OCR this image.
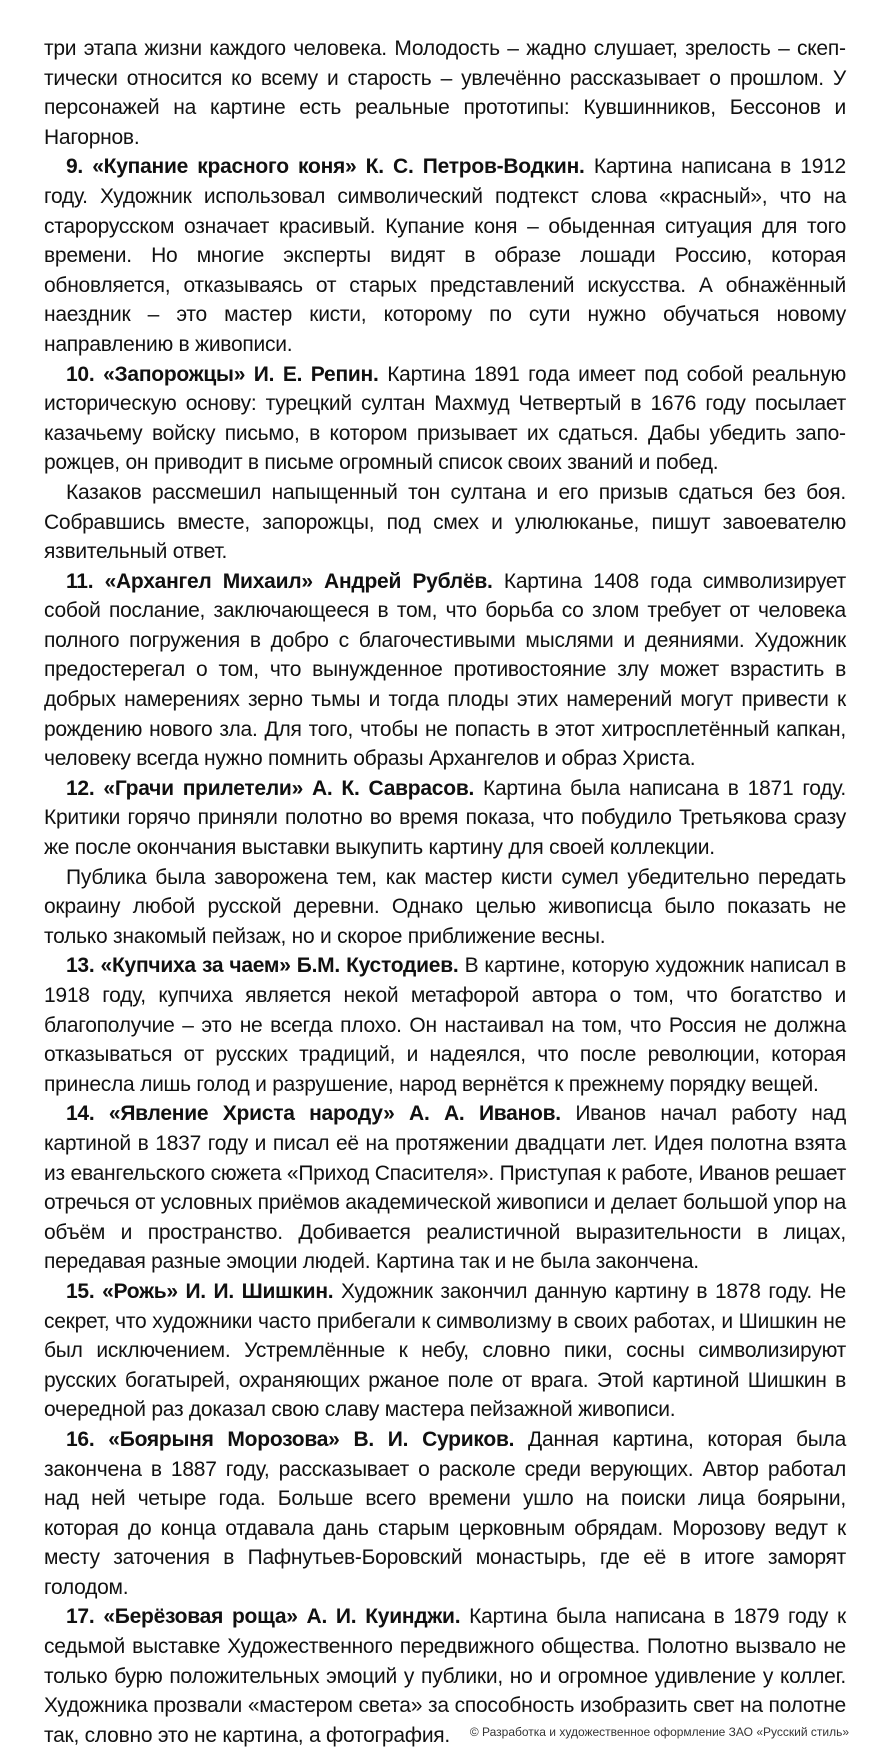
три этапа жизни каждого человека. Молодость – жадно слушает, зрелость – скептически относится ко всему и старость – увлечённо рассказывает о прошлом. У персонажей на картине есть реальные прототипы: Кувшинников, Бессонов и Нагорнов.

9. «Купание красного коня» К. С. Петров-Водкин. Картина написана в 1912 году. Художник использовал символический подтекст слова «красный», что на старорусском означает красивый. Купание коня – обыденная ситуация для того времени. Но многие эксперты видят в образе лошади Россию, которая обновляется, отказываясь от старых представлений искусства. А обнажённый наездник – это мастер кисти, которому по сути нужно обучаться новому направлению в живописи.

10. «Запорожцы» И. Е. Репин. Картина 1891 года имеет под собой реальную историческую основу: турецкий султан Махмуд Четвертый в 1676 году посылает казачьему войску письмо, в котором призывает их сдаться. Дабы убедить запорожцев, он приводит в письме огромный список своих званий и побед.

Казаков рассмешил напыщенный тон султана и его призыв сдаться без боя. Собравшись вместе, запорожцы, под смех и улюлюканье, пишут завоевателю язвительный ответ.

11. «Архангел Михаил» Андрей Рублёв. Картина 1408 года символизирует собой послание, заключающееся в том, что борьба со злом требует от человека полного погружения в добро с благочестивыми мыслями и деяниями. Художник предостерегал о том, что вынужденное противостояние злу может взрастить в добрых намерениях зерно тьмы и тогда плоды этих намерений могут привести к рождению нового зла. Для того, чтобы не попасть в этот хитросплетённый капкан, человеку всегда нужно помнить образы Архангелов и образ Христа.

12. «Грачи прилетели» А. К. Саврасов. Картина была написана в 1871 году. Критики горячо приняли полотно во время показа, что побудило Третьякова сразу же после окончания выставки выкупить картину для своей коллекции.

Публика была заворожена тем, как мастер кисти сумел убедительно передать окраину любой русской деревни. Однако целью живописца было показать не только знакомый пейзаж, но и скорое приближение весны.

13. «Купчиха за чаем» Б.М. Кустодиев. В картине, которую художник написал в 1918 году, купчиха является некой метафорой автора о том, что богатство и благополучие – это не всегда плохо. Он настаивал на том, что Россия не должна отказываться от русских традиций, и надеялся, что после революции, которая принесла лишь голод и разрушение, народ вернётся к прежнему порядку вещей.

14. «Явление Христа народу» А. А. Иванов. Иванов начал работу над картиной в 1837 году и писал её на протяжении двадцати лет. Идея полотна взята из евангельского сюжета «Приход Спасителя». Приступая к работе, Иванов решает отречься от условных приёмов академической живописи и делает большой упор на объём и пространство. Добивается реалистичной выразительности в лицах, передавая разные эмоции людей. Картина так и не была закончена.

15. «Рожь» И. И. Шишкин. Художник закончил данную картину в 1878 году. Не секрет, что художники часто прибегали к символизму в своих работах, и Шишкин не был исключением. Устремлённые к небу, словно пики, сосны символизируют русских богатырей, охраняющих ржаное поле от врага. Этой картиной Шишкин в очередной раз доказал свою славу мастера пейзажной живописи.

16. «Боярыня Морозова» В. И. Суриков. Данная картина, которая была закончена в 1887 году, рассказывает о расколе среди верующих. Автор работал над ней четыре года. Больше всего времени ушло на поиски лица боярыни, которая до конца отдавала дань старым церковным обрядам. Морозову ведут к месту заточения в Пафнутьев-Боровский монастырь, где её в итоге заморят голодом.

17. «Берёзовая роща» А. И. Куинджи. Картина была написана в 1879 году к седьмой выставке Художественного передвижного общества. Полотно вызвало не только бурю положительных эмоций у публики, но и огромное удивление у коллег. Художника прозвали «мастером света» за способность изобразить свет на полотне так, словно это не картина, а фотография.	© Разработка и художественное оформление ЗАО «Русский стиль»
